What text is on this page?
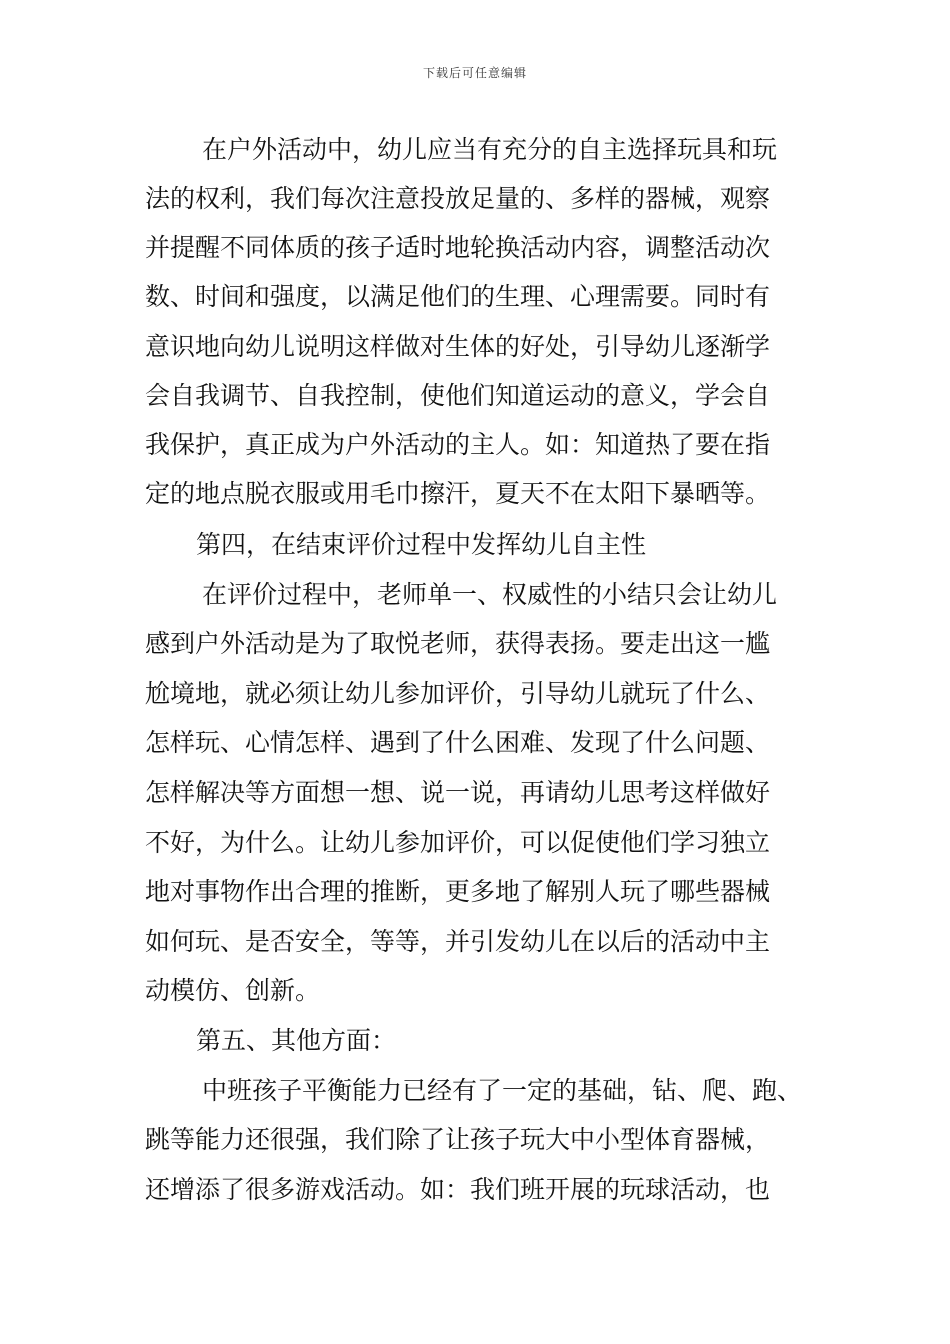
下载后可任意编辑
在户外活动中，幼儿应当有充分的自主选择玩具和玩
法的权利，我们每次注意投放足量的、多样的器械，观察
并提醒不同体质的孩子适时地轮换活动内容，调整活动次
数、时间和强度，以满足他们的生理、心理需要。同时有
意识地向幼儿说明这样做对生体的好处，引导幼儿逐渐学
会自我调节、自我控制，使他们知道运动的意义，学会自
我保护，真正成为户外活动的主人。如：知道热了要在指
定的地点脱衣服或用毛巾擦汗，夏天不在太阳下暴晒等。
第四，在结束评价过程中发挥幼儿自主性
在评价过程中，老师单一、权威性的小结只会让幼儿
感到户外活动是为了取悦老师，获得表扬。要走出这一尴
尬境地，就必须让幼儿参加评价，引导幼儿就玩了什么、
怎样玩、心情怎样、遇到了什么困难、发现了什么问题、
怎样解决等方面想一想、说一说，再请幼儿思考这样做好
不好，为什么。让幼儿参加评价，可以促使他们学习独立
地对事物作出合理的推断，更多地了解别人玩了哪些器械
如何玩、是否安全，等等，并引发幼儿在以后的活动中主
动模仿、创新。
第五、其他方面：
中班孩子平衡能力已经有了一定的基础，钻、爬、跑、
跳等能力还很强，我们除了让孩子玩大中小型体育器械，
还增添了很多游戏活动。如：我们班开展的玩球活动，也
